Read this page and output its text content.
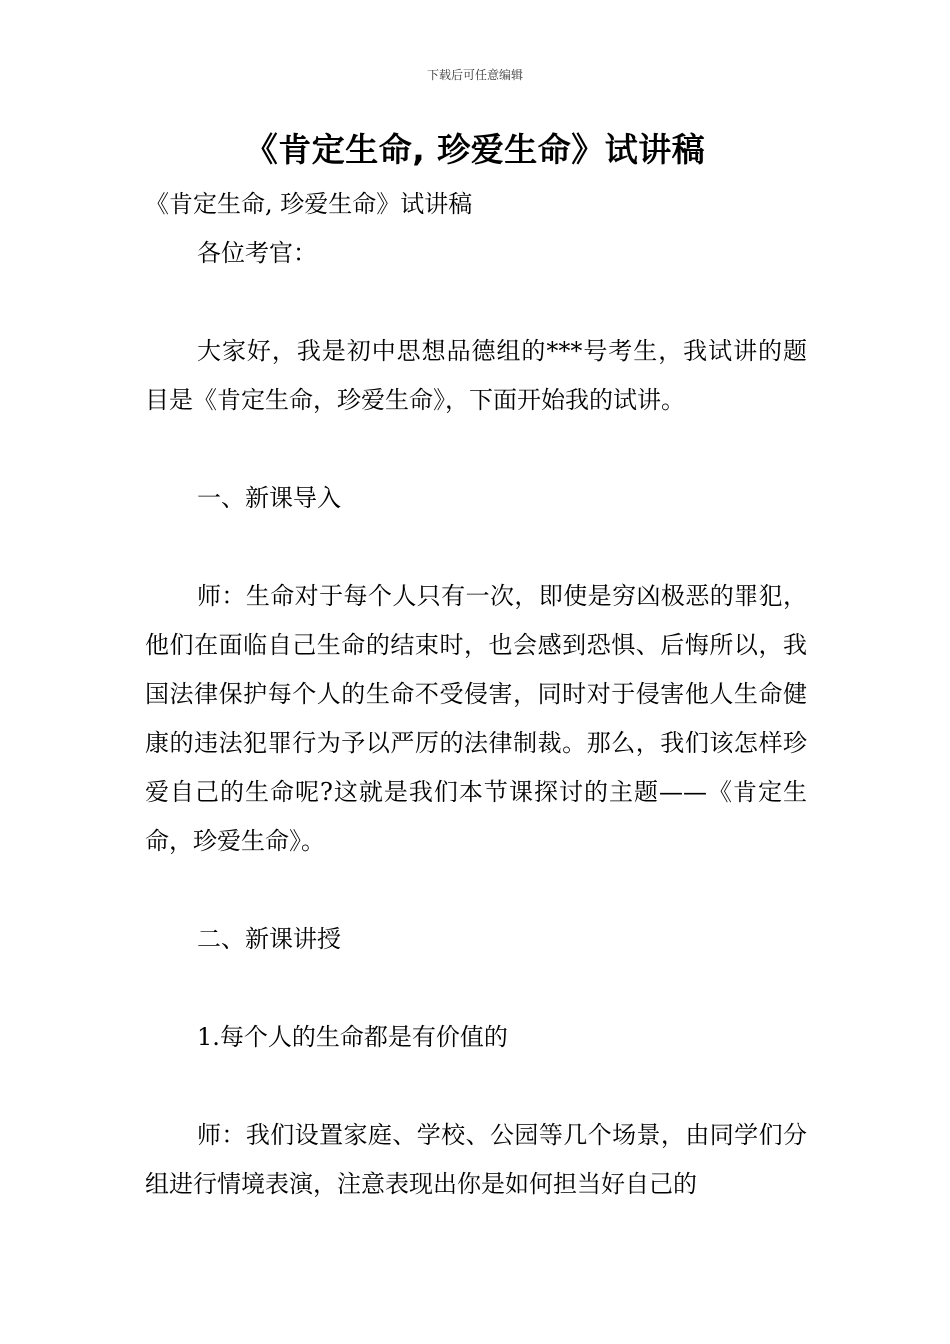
下载后可任意编辑
《肯定生命, 珍爱生命》试讲稿

《肯定生命, 珍爱生命》试讲稿

各位考官：

大家好，我是初中思想品德组的***号考生，我试讲的题目是《肯定生命，珍爱生命》，下面开始我的试讲。

一、新课导入

师：生命对于每个人只有一次，即使是穷凶极恶的罪犯，他们在面临自己生命的结束时，也会感到恐惧、后悔所以，我国法律保护每个人的生命不受侵害，同时对于侵害他人生命健康的违法犯罪行为予以严厉的法律制裁。那么，我们该怎样珍爱自己的生命呢?这就是我们本节课探讨的主题——《肯定生命，珍爱生命》。

二、新课讲授

1.每个人的生命都是有价值的

师：我们设置家庭、学校、公园等几个场景，由同学们分组进行情境表演，注意表现出你是如何担当好自己的
